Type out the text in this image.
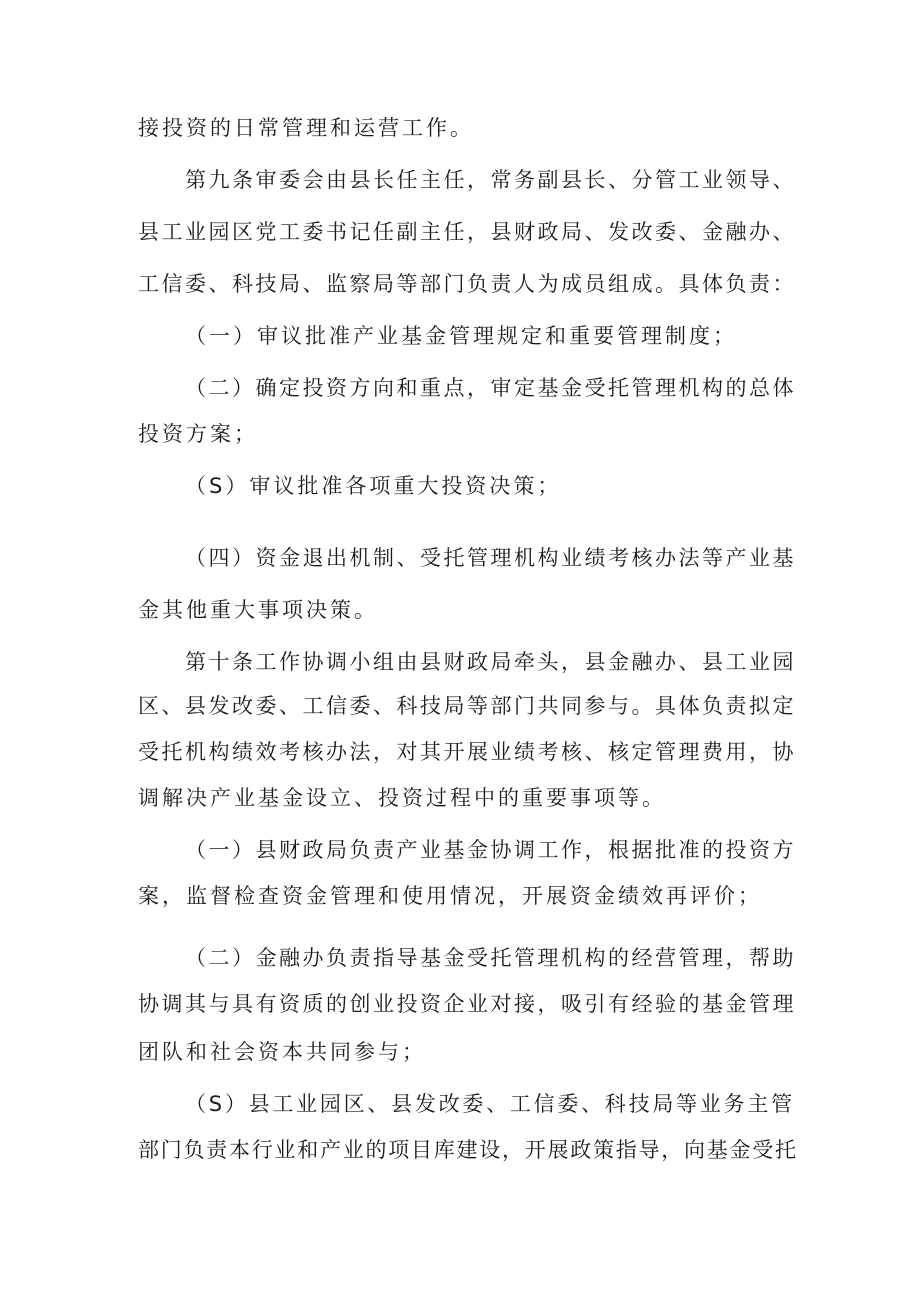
接投资的日常管理和运营工作。
第九条审委会由县长任主任，常务副县长、分管工业领导、
县工业园区党工委书记任副主任，县财政局、发改委、金融办、
工信委、科技局、监察局等部门负责人为成员组成。具体负责：
（一）审议批准产业基金管理规定和重要管理制度；
（二）确定投资方向和重点，审定基金受托管理机构的总体
投资方案；
（S）审议批准各项重大投资决策；
（四）资金退出机制、受托管理机构业绩考核办法等产业基
金其他重大事项决策。
第十条工作协调小组由县财政局牵头，县金融办、县工业园
区、县发改委、工信委、科技局等部门共同参与。具体负责拟定
受托机构绩效考核办法，对其开展业绩考核、核定管理费用，协
调解决产业基金设立、投资过程中的重要事项等。
（一）县财政局负责产业基金协调工作，根据批准的投资方
案，监督检查资金管理和使用情况，开展资金绩效再评价；
（二）金融办负责指导基金受托管理机构的经营管理，帮助
协调其与具有资质的创业投资企业对接，吸引有经验的基金管理
团队和社会资本共同参与；
（S）县工业园区、县发改委、工信委、科技局等业务主管
部门负责本行业和产业的项目库建设，开展政策指导，向基金受托
